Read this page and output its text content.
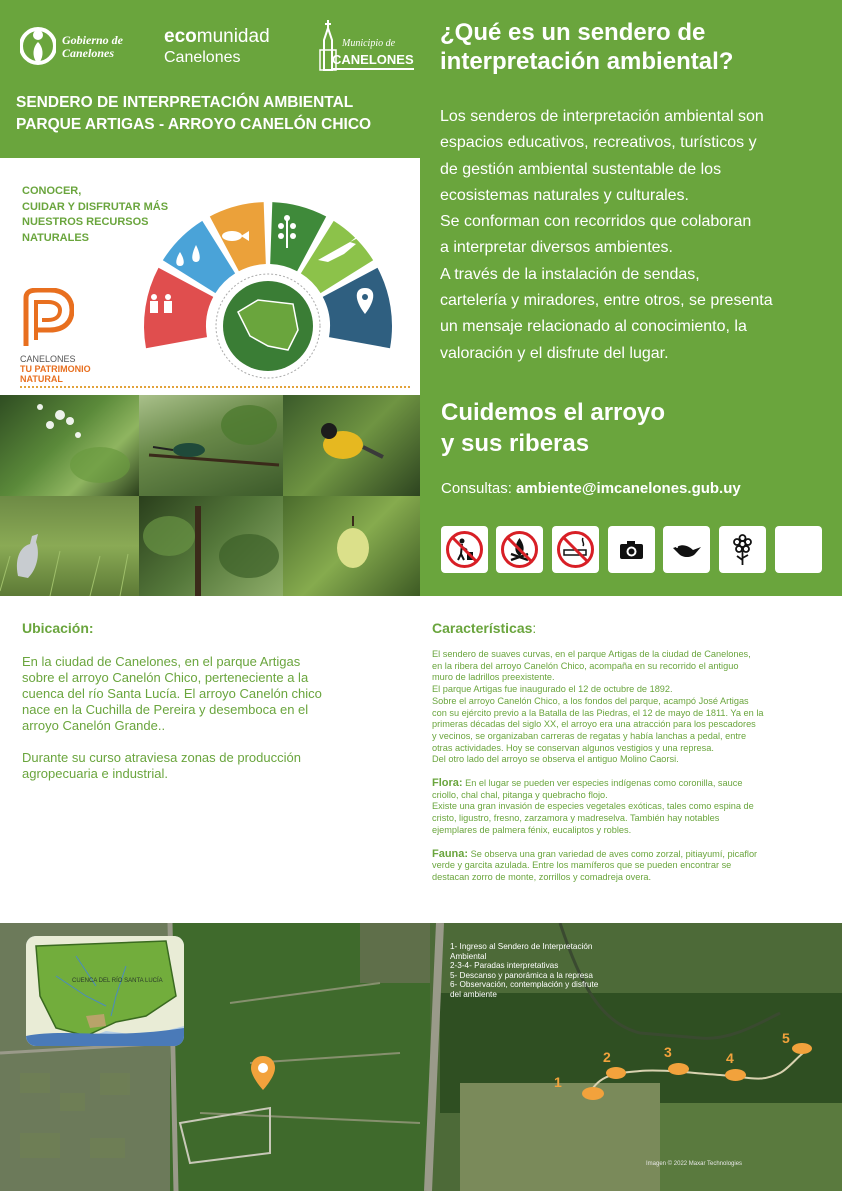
Gobierno de Canelones
ecomunidad
Canelones
Municipio de
CANELONES
SENDERO DE INTERPRETACIÓN AMBIENTAL
PARQUE ARTIGAS - ARROYO CANELÓN CHICO
CONOCER,
CUIDAR Y DISFRUTAR MÁS
NUESTROS RECURSOS
NATURALES
CANELONES
TU PATRIMONIO
NATURAL
¿Qué es un sendero de interpretación ambiental?
Los senderos de interpretación ambiental son
espacios educativos, recreativos, turísticos y
de gestión ambiental sustentable de los
ecosistemas naturales y culturales.
Se conforman con recorridos que colaboran
a interpretar diversos ambientes.
A través de la instalación de sendas,
cartelería y miradores, entre otros, se presenta
un mensaje relacionado al conocimiento, la
valoración y el disfrute del lugar.
Cuidemos el arroyo
y sus riberas
Consultas: ambiente@imcanelones.gub.uy
Ubicación:
En la ciudad de Canelones, en el parque Artigas
sobre el arroyo Canelón Chico, perteneciente a la
cuenca del río Santa Lucía. El arroyo Canelón chico
nace en la Cuchilla de Pereira y desemboca en el
arroyo Canelón Grande..
Durante su curso atraviesa zonas de producción
agropecuaria e industrial.
Características:
El sendero de suaves curvas, en el parque Artigas de la ciudad de Canelones,
en la ribera del arroyo Canelón Chico, acompaña en su recorrido el antiguo
muro de ladrillos preexistente.
El parque Artigas fue inaugurado el 12 de octubre de 1892.
Sobre el arroyo Canelón Chico, a los fondos del parque, acampó José Artigas
con su ejército previo a la Batalla de las Piedras, el 12 de mayo de 1811. Ya en la
primeras décadas del siglo XX, el arroyo era una atracción para los pescadores
y vecinos, se organizaban carreras de regatas y había lanchas a pedal, entre
otras actividades. Hoy se conservan algunos vestigios y una represa.
Del otro lado del arroyo se observa el antiguo Molino Caorsi.
Flora: En el lugar se pueden ver especies indígenas como coronilla, sauce
criollo, chal chal, pitanga y quebracho flojo.
Existe una gran invasión de especies vegetales exóticas, tales como espina de
cristo, ligustro, fresno, zarzamora y madreselva. También hay notables
ejemplares de palmera fénix, eucaliptos y robles.
Fauna: Se observa una gran variedad de aves como zorzal, pitiayumí, picaflor
verde y garcita azulada. Entre los mamíferos que se pueden encontrar se
destacan zorro de monte, zorrillos y comadreja overa.
CUENCA DEL RÍO SANTA LUCÍA
1- Ingreso al Sendero de Interpretación
Ambiental
2-3-4- Paradas interpretativas
5- Descanso y panorámica a la represa
6- Observación, contemplación y disfrute
del ambiente
1
2	3	4
5
Imagen © 2022 Maxar Technologies
